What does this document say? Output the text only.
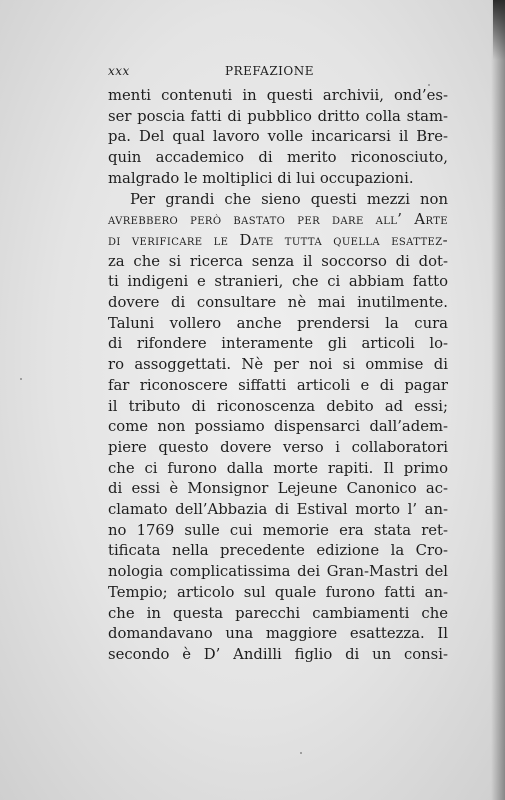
xxx	PREFAZIONE
menti contenuti in questi archivii, ond’es-
ser poscia fatti di pubblico dritto colla stam-
pa. Del qual lavoro volle incaricarsi il Bre-
quin accademico di merito riconosciuto,
malgrado le moltiplici di lui occupazioni.
Per grandi che sieno questi mezzi non
avrebbero però bastato per dare all’ Arte
di verificare le Date tutta quella esattez-
za che si ricerca senza il soccorso di dot-
ti indigeni e stranieri, che ci abbiam fatto
dovere di consultare nè mai inutilmente.
Taluni vollero anche prendersi la cura
di rifondere interamente gli articoli lo-
ro assoggettati. Nè per noi si ommise di
far riconoscere siffatti articoli e di pagar
il tributo di riconoscenza debito ad essi;
come non possiamo dispensarci dall’adem-
piere questo dovere verso i collaboratori
che ci furono dalla morte rapiti. Il primo
di essi è Monsignor Lejeune Canonico ac-
clamato dell’Abbazia di Estival morto l’ an-
no 1769 sulle cui memorie era stata ret-
tificata nella precedente edizione la Cro-
nologia complicatissima dei Gran-Mastri del
Tempio; articolo sul quale furono fatti an-
che in questa parecchi cambiamenti che
domandavano una maggiore esattezza. Il
secondo è D’ Andilli figlio di un consi-
